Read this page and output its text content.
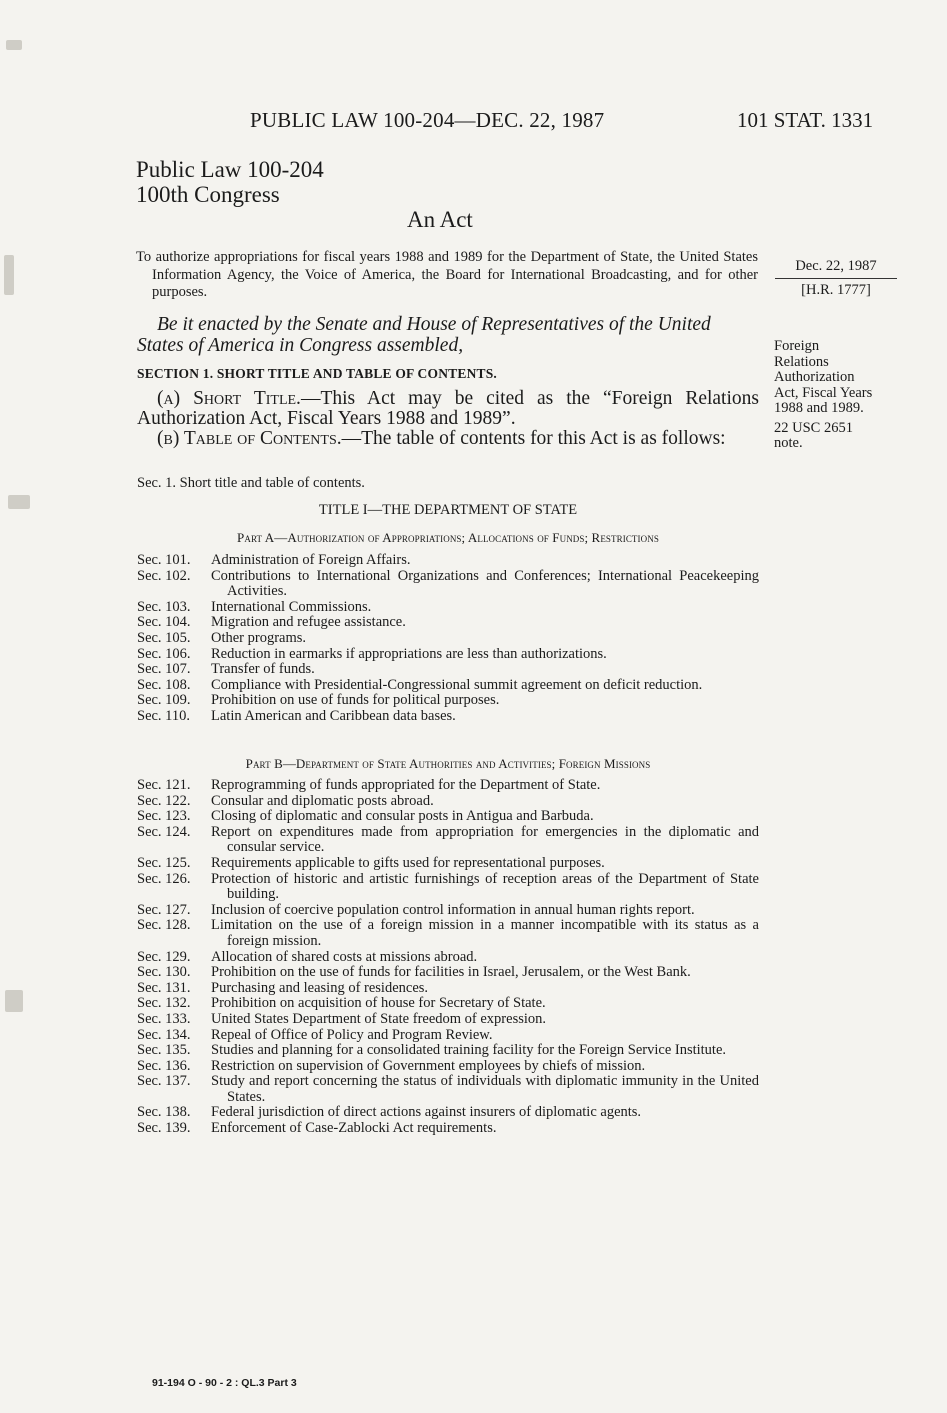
PUBLIC LAW 100-204—DEC. 22, 1987	101 STAT. 1331
Public Law 100-204
100th Congress
An Act
To authorize appropriations for fiscal years 1988 and 1989 for the Department of State, the United States Information Agency, the Voice of America, the Board for International Broadcasting, and for other purposes.
Dec. 22, 1987
[H.R. 1777]
Be it enacted by the Senate and House of Representatives of the United States of America in Congress assembled,
SECTION 1. SHORT TITLE AND TABLE OF CONTENTS.
(a) Short Title.—This Act may be cited as the “Foreign Relations Authorization Act, Fiscal Years 1988 and 1989”.
(b) Table of Contents.—The table of contents for this Act is as follows:
Foreign
Relations
Authorization
Act, Fiscal Years
1988 and 1989.
22 USC 2651
note.
Sec. 1. Short title and table of contents.
TITLE I—THE DEPARTMENT OF STATE
Part A—Authorization of Appropriations; Allocations of Funds; Restrictions
Sec. 101.	Administration of Foreign Affairs.
Sec. 102.	Contributions to International Organizations and Conferences; International Peacekeeping Activities.
Sec. 103.	International Commissions.
Sec. 104.	Migration and refugee assistance.
Sec. 105.	Other programs.
Sec. 106.	Reduction in earmarks if appropriations are less than authorizations.
Sec. 107.	Transfer of funds.
Sec. 108.	Compliance with Presidential-Congressional summit agreement on deficit reduction.
Sec. 109.	Prohibition on use of funds for political purposes.
Sec. 110.	Latin American and Caribbean data bases.
Part B—Department of State Authorities and Activities; Foreign Missions
Sec. 121.	Reprogramming of funds appropriated for the Department of State.
Sec. 122.	Consular and diplomatic posts abroad.
Sec. 123.	Closing of diplomatic and consular posts in Antigua and Barbuda.
Sec. 124.	Report on expenditures made from appropriation for emergencies in the diplomatic and consular service.
Sec. 125.	Requirements applicable to gifts used for representational purposes.
Sec. 126.	Protection of historic and artistic furnishings of reception areas of the Department of State building.
Sec. 127.	Inclusion of coercive population control information in annual human rights report.
Sec. 128.	Limitation on the use of a foreign mission in a manner incompatible with its status as a foreign mission.
Sec. 129.	Allocation of shared costs at missions abroad.
Sec. 130.	Prohibition on the use of funds for facilities in Israel, Jerusalem, or the West Bank.
Sec. 131.	Purchasing and leasing of residences.
Sec. 132.	Prohibition on acquisition of house for Secretary of State.
Sec. 133.	United States Department of State freedom of expression.
Sec. 134.	Repeal of Office of Policy and Program Review.
Sec. 135.	Studies and planning for a consolidated training facility for the Foreign Service Institute.
Sec. 136.	Restriction on supervision of Government employees by chiefs of mission.
Sec. 137.	Study and report concerning the status of individuals with diplomatic immunity in the United States.
Sec. 138.	Federal jurisdiction of direct actions against insurers of diplomatic agents.
Sec. 139.	Enforcement of Case-Zablocki Act requirements.
91-194 O - 90 - 2 : QL.3 Part 3
